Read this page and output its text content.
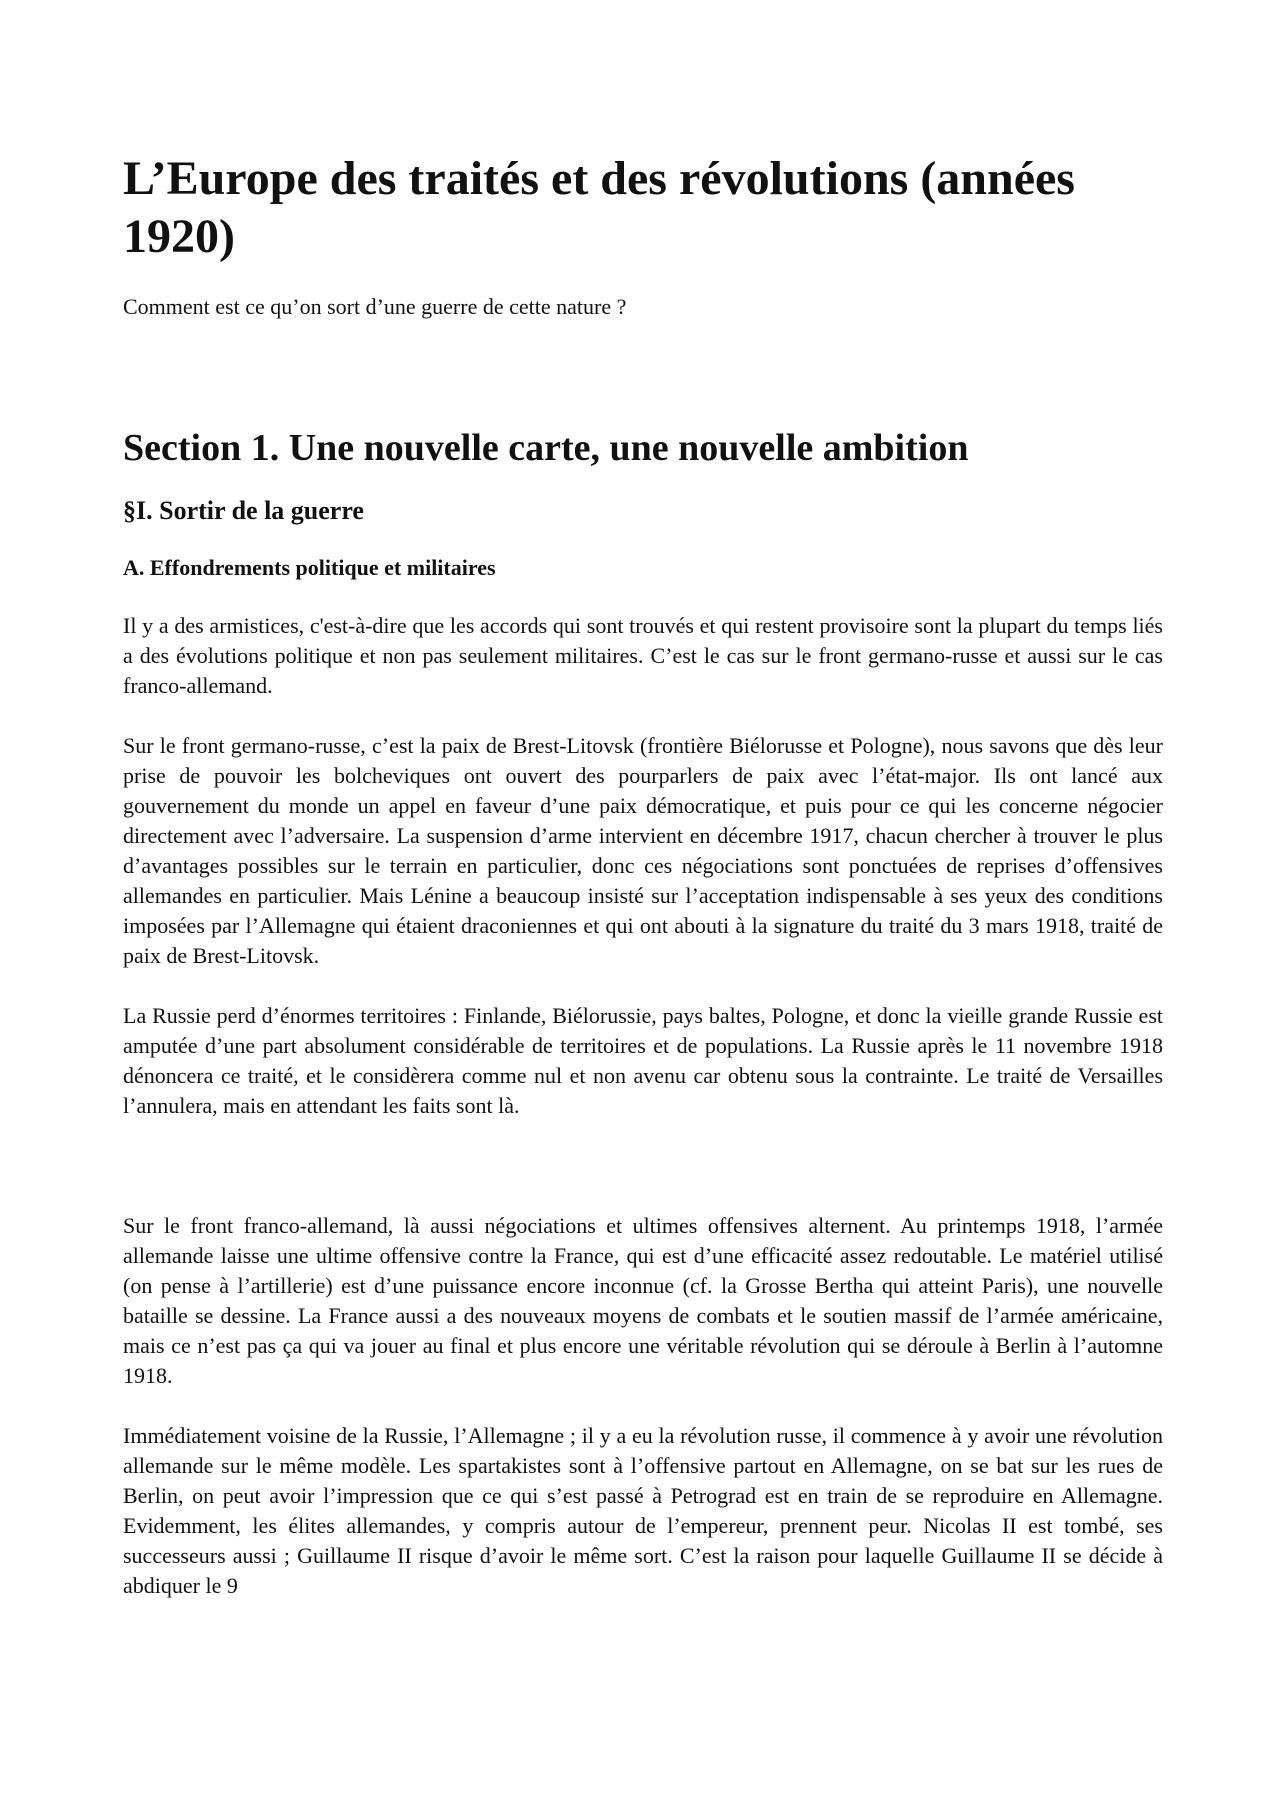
L’Europe des traités et des révolutions (années 1920)

Comment est ce qu’on sort d’une guerre de cette nature ?

Section 1. Une nouvelle carte, une nouvelle ambition
§I. Sortir de la guerre
A. Effondrements politique et militaires

Il y a des armistices, c'est-à-dire que les accords qui sont trouvés et qui restent provisoire sont la plupart du temps liés a des évolutions politique et non pas seulement militaires. C’est le cas sur le front germano-russe et aussi sur le cas franco-allemand.

Sur le front germano-russe, c’est la paix de Brest-Litovsk (frontière Biélorusse et Pologne), nous savons que dès leur prise de pouvoir les bolcheviques ont ouvert des pourparlers de paix avec l’état-major. Ils ont lancé aux gouvernement du monde un appel en faveur d’une paix démocratique, et puis pour ce qui les concerne négocier directement avec l’adversaire. La suspension d’arme intervient en décembre 1917, chacun chercher à trouver le plus d’avantages possibles sur le terrain en particulier, donc ces négociations sont ponctuées de reprises d’offensives allemandes en particulier. Mais Lénine a beaucoup insisté sur l’acceptation indispensable à ses yeux des conditions imposées par l’Allemagne qui étaient draconiennes et qui ont abouti à la signature du traité du 3 mars 1918, traité de paix de Brest-Litovsk.

La Russie perd d’énormes territoires : Finlande, Biélorussie, pays baltes, Pologne, et donc la vieille grande Russie est amputée d’une part absolument considérable de territoires et de populations. La Russie après le 11 novembre 1918 dénoncera ce traité, et le considèrera comme nul et non avenu car obtenu sous la contrainte. Le traité de Versailles l’annulera, mais en attendant les faits sont là.

Sur le front franco-allemand, là aussi négociations et ultimes offensives alternent. Au printemps 1918, l’armée allemande laisse une ultime offensive contre la France, qui est d’une efficacité assez redoutable. Le matériel utilisé (on pense à l’artillerie) est d’une puissance encore inconnue (cf. la Grosse Bertha qui atteint Paris), une nouvelle bataille se dessine. La France aussi a des nouveaux moyens de combats et le soutien massif de l’armée américaine, mais ce n’est pas ça qui va jouer au final et plus encore une véritable révolution qui se déroule à Berlin à l’automne 1918.

Immédiatement voisine de la Russie, l’Allemagne ; il y a eu la révolution russe, il commence à y avoir une révolution allemande sur le même modèle. Les spartakistes sont à l’offensive partout en Allemagne, on se bat sur les rues de Berlin, on peut avoir l’impression que ce qui s’est passé à Petrograd est en train de se reproduire en Allemagne. Evidemment, les élites allemandes, y compris autour de l’empereur, prennent peur. Nicolas II est tombé, ses successeurs aussi ; Guillaume II risque d’avoir le même sort. C’est la raison pour laquelle Guillaume II se décide à abdiquer le 9
